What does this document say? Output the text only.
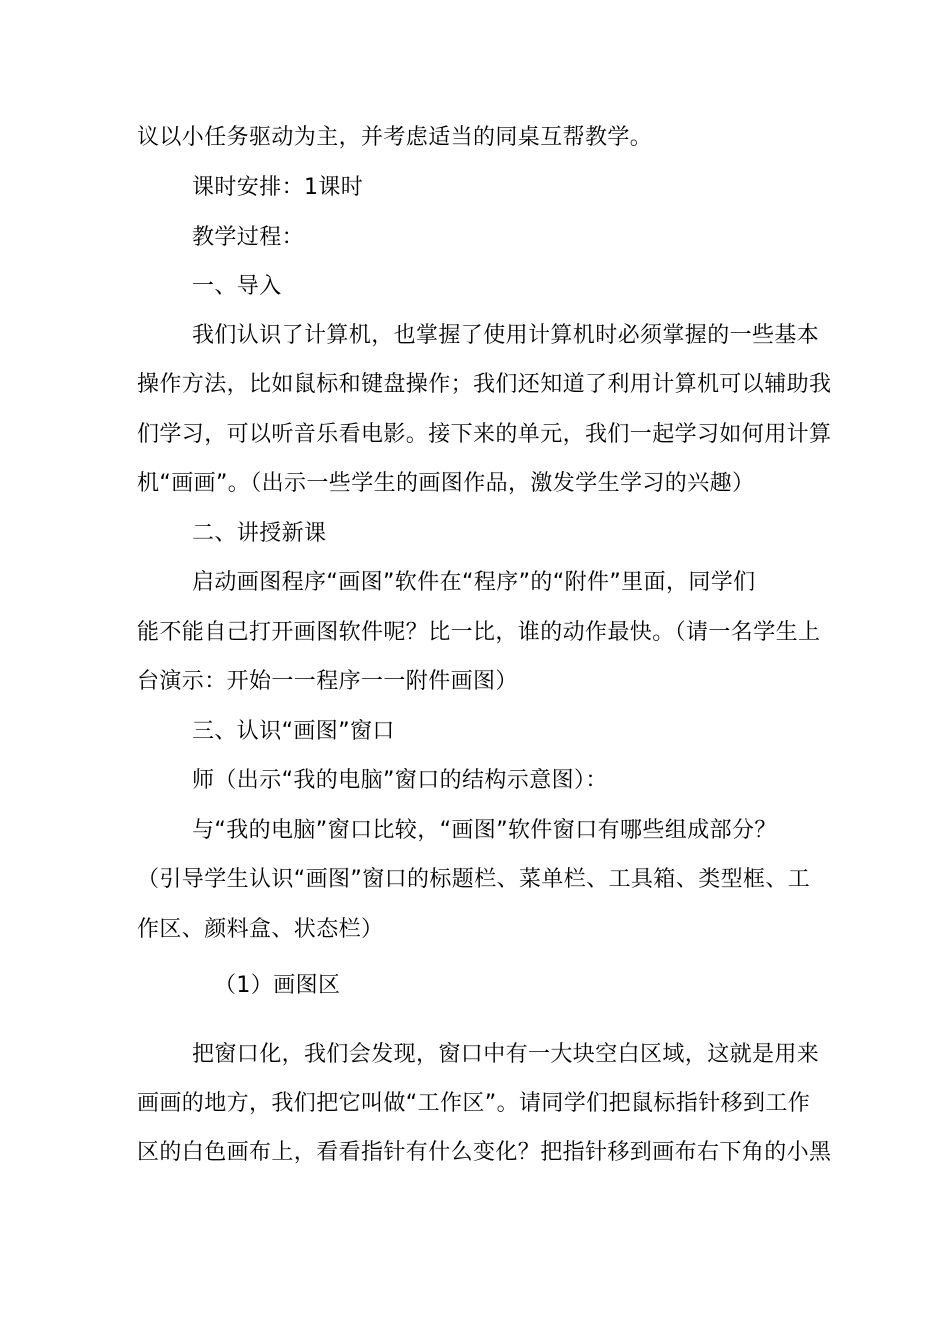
议以小任务驱动为主，并考虑适当的同桌互帮教学。
课时安排：1课时
教学过程：
一、导入
我们认识了计算机，也掌握了使用计算机时必须掌握的一些基本
操作方法，比如鼠标和键盘操作；我们还知道了利用计算机可以辅助我
们学习，可以听音乐看电影。接下来的单元，我们一起学习如何用计算
机“画画”。（出示一些学生的画图作品，激发学生学习的兴趣）
二、讲授新课
启动画图程序“画图”软件在“程序”的“附件”里面，同学们
能不能自己打开画图软件呢？比一比，谁的动作最快。（请一名学生上
台演示：开始一一程序一一附件画图）
三、认识“画图”窗口
师（出示“我的电脑”窗口的结构示意图）：
与“我的电脑”窗口比较，“画图”软件窗口有哪些组成部分？
（引导学生认识“画图”窗口的标题栏、菜单栏、工具箱、类型框、工
作区、颜料盒、状态栏）
（1）画图区
把窗口化，我们会发现，窗口中有一大块空白区域，这就是用来
画画的地方，我们把它叫做“工作区”。请同学们把鼠标指针移到工作
区的白色画布上，看看指针有什么变化？把指针移到画布右下角的小黑
